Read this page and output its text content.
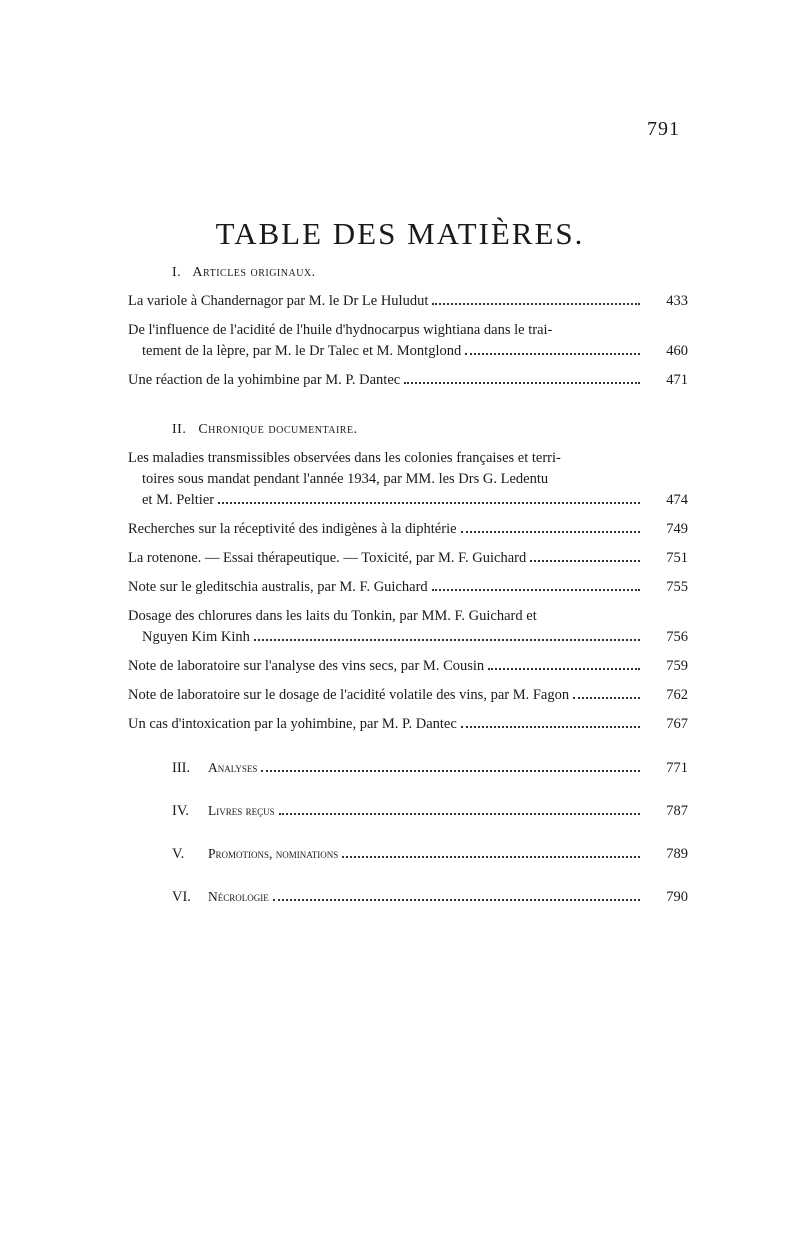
791
TABLE DES MATIÈRES.
I. Articles originaux.
La variole à Chandernagor par M. le Dr Le Huludut	433
De l'influence de l'acidité de l'huile d'hydnocarpus wightiana dans le trai-
tement de la lèpre, par M. le Dr Talec et M. Montglond	460
Une réaction de la yohimbine par M. P. Dantec	471
II. Chronique documentaire.
Les maladies transmissibles observées dans les colonies françaises et terri-
toires sous mandat pendant l'année 1934, par MM. les Drs G. Ledentu
et M. Peltier	474
Recherches sur la réceptivité des indigènes à la diphtérie	749
La rotenone. — Essai thérapeutique. — Toxicité, par M. F. Guichard	751
Note sur le gleditschia australis, par M. F. Guichard	755
Dosage des chlorures dans les laits du Tonkin, par MM. F. Guichard et
Nguyen Kim Kinh	756
Note de laboratoire sur l'analyse des vins secs, par M. Cousin	759
Note de laboratoire sur le dosage de l'acidité volatile des vins, par M. Fagon	762
Un cas d'intoxication par la yohimbine, par M. P. Dantec	767
III.	Analyses	771
IV.	Livres reçus	787
V.	Promotions, nominations	789
VI.	Nécrologie	790
